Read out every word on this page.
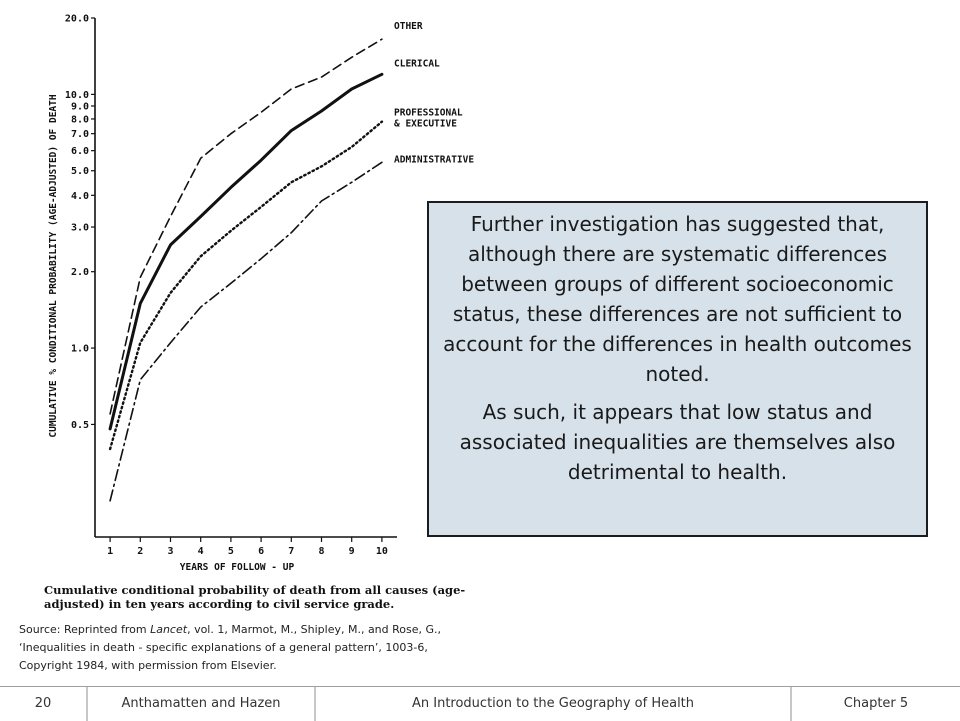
0.5
1.0
2.0
3.0
4.0
5.0
6.0
7.0
8.0
9.0
10.0
20.0
1 2 3 4 5 6 7 8 9 10
OTHER
CLERICAL
PROFESSIONAL
& EXECUTIVE
ADMINISTRATIVE
CUMULATIVE % CONDITIONAL PROBABILITY (AGE-ADJUSTED) OF DEATH
YEARS OF FOLLOW - UP
Cumulative conditional probability of death from all causes (age-
adjusted) in ten years according to civil service grade.

Further investigation has suggested that, although there are systematic differences between groups of different socioeconomic status, these differences are not sufficient to account for the differences in health outcomes noted.

As such, it appears that low status and associated inequalities are themselves also detrimental to health.

Source: Reprinted from Lancet, vol. 1, Marmot, M., Shipley, M., and Rose, G., ‘Inequalities in death - specific explanations of a general pattern’, 1003-6, Copyright 1984, with permission from Elsevier.
20	Anthamatten and Hazen	An Introduction to the Geography of Health	Chapter 5
